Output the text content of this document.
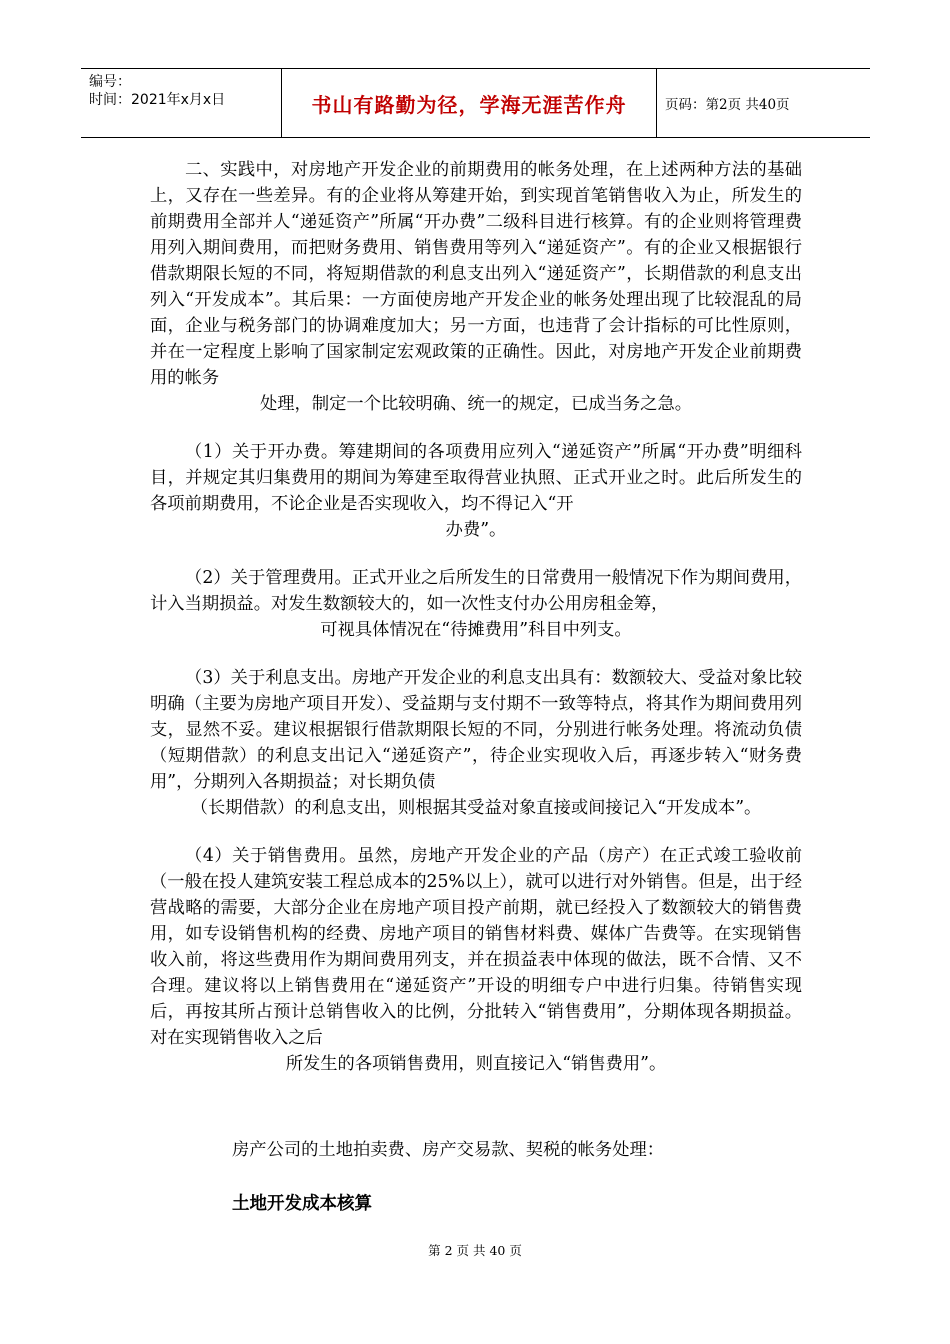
编号：
时间：2021年x月x日	书山有路勤为径，学海无涯苦作舟	页码：第2页 共40页

二、实践中，对房地产开发企业的前期费用的帐务处理，在上述两种方法的基础上，又存在一些差异。有的企业将从筹建开始，到实现首笔销售收入为止，所发生的前期费用全部并人“递延资产”所属“开办费”二级科目进行核算。有的企业则将管理费用列入期间费用，而把财务费用、销售费用等列入“递延资产”。有的企业又根据银行借款期限长短的不同，将短期借款的利息支出列入“递延资产”，长期借款的利息支出列入“开发成本”。其后果：一方面使房地产开发企业的帐务处理出现了比较混乱的局面，企业与税务部门的协调难度加大；另一方面，也违背了会计指标的可比性原则，并在一定程度上影响了国家制定宏观政策的正确性。因此，对房地产开发企业前期费用的帐务

处理，制定一个比较明确、统一的规定，已成当务之急。

（1）关于开办费。筹建期间的各项费用应列入“递延资产”所属“开办费”明细科目，并规定其归集费用的期间为筹建至取得营业执照、正式开业之时。此后所发生的各项前期费用，不论企业是否实现收入，均不得记入“开

办费”。

（2）关于管理费用。正式开业之后所发生的日常费用一般情况下作为期间费用，计入当期损益。对发生数额较大的，如一次性支付办公用房租金筹，

可视具体情况在“待摊费用”科目中列支。

（3）关于利息支出。房地产开发企业的利息支出具有：数额较大、受益对象比较明确（主要为房地产项目开发）、受益期与支付期不一致等特点，将其作为期间费用列支，显然不妥。建议根据银行借款期限长短的不同，分别进行帐务处理。将流动负债（短期借款）的利息支出记入“递延资产”，待企业实现收入后，再逐步转入“财务费用”，分期列入各期损益；对长期负债

（长期借款）的利息支出，则根据其受益对象直接或间接记入“开发成本”。

（4）关于销售费用。虽然，房地产开发企业的产品（房产）在正式竣工验收前（一般在投人建筑安装工程总成本的25%以上），就可以进行对外销售。但是，出于经营战略的需要，大部分企业在房地产项目投产前期，就已经投入了数额较大的销售费用，如专设销售机构的经费、房地产项目的销售材料费、媒体广告费等。在实现销售收入前，将这些费用作为期间费用列支，并在损益表中体现的做法，既不合情、又不合理。建议将以上销售费用在“递延资产”开设的明细专户中进行归集。待销售实现后，再按其所占预计总销售收入的比例，分批转入“销售费用”，分期体现各期损益。对在实现销售收入之后

所发生的各项销售费用，则直接记入“销售费用”。

房产公司的土地拍卖费、房产交易款、契税的帐务处理：

土地开发成本核算

第 2 页 共 40 页
